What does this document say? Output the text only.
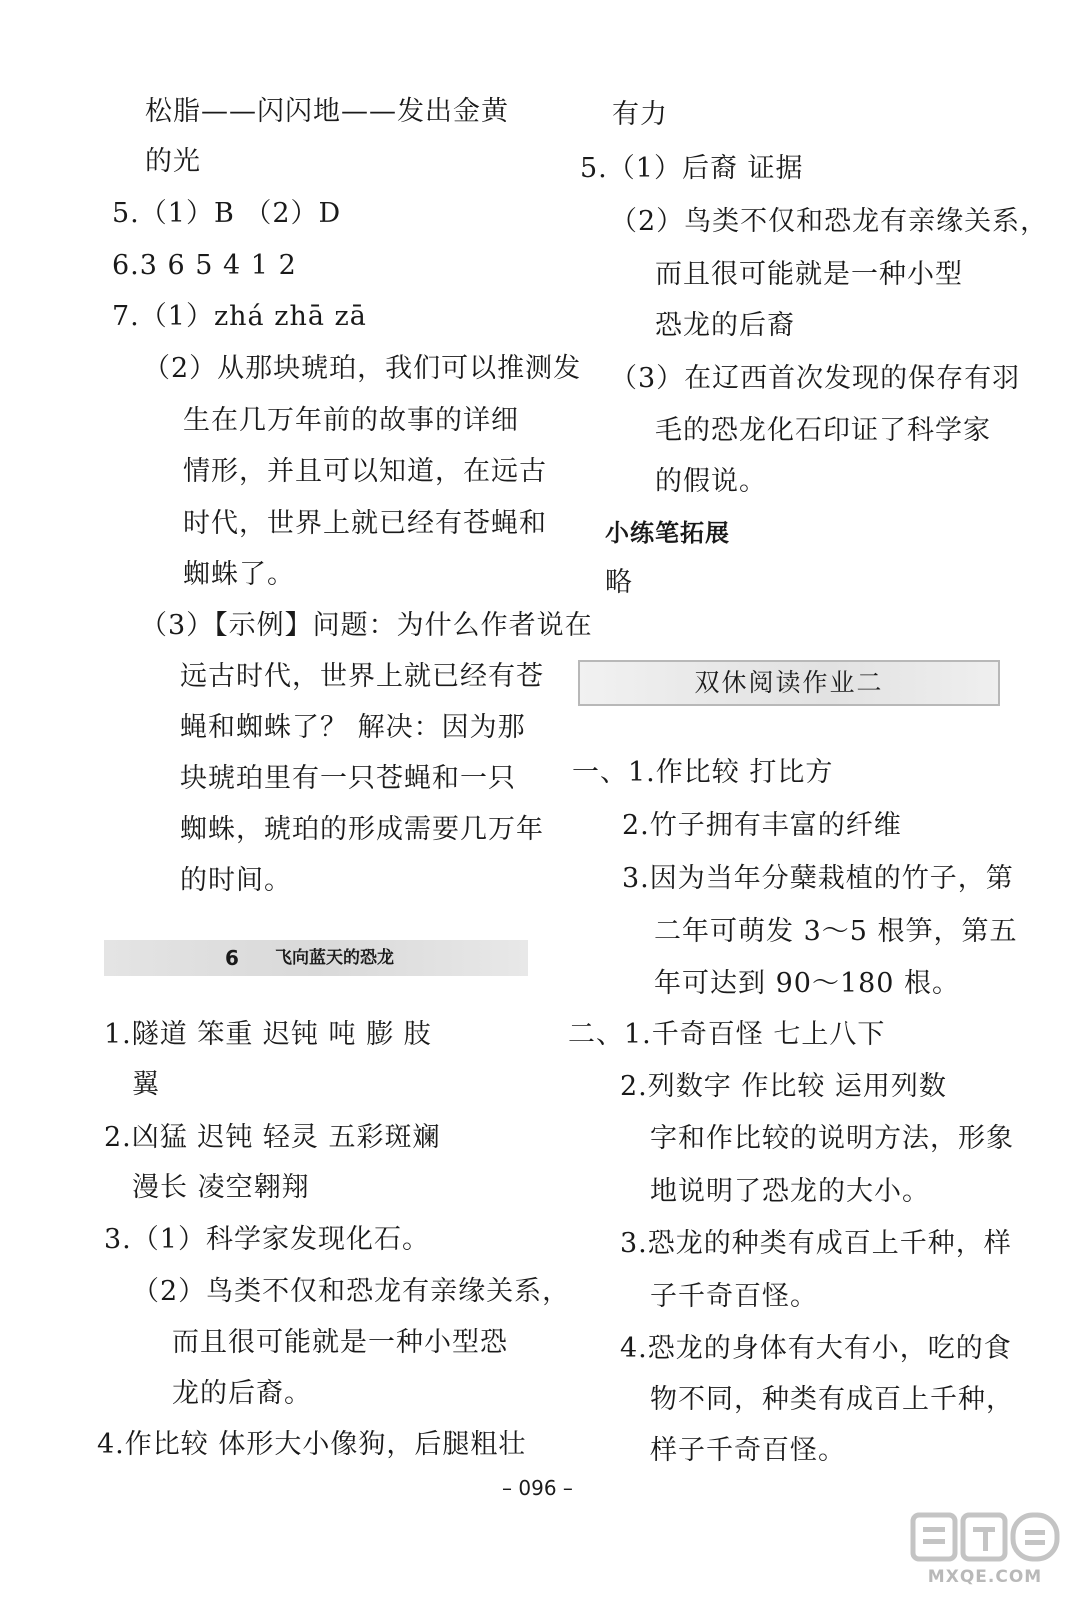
松脂——闪闪地——发出金黄
的光
5.（1）B （2）D
6.3 6 5 4 1 2
7.（1）zhá zhā zā
（2）从那块琥珀，我们可以推测发
生在几万年前的故事的详细
情形，并且可以知道，在远古
时代，世界上就已经有苍蝇和
蜘蛛了。
（3）【示例】问题：为什么作者说在
远古时代，世界上就已经有苍
蝇和蜘蛛了？ 解决：因为那
块琥珀里有一只苍蝇和一只
蜘蛛，琥珀的形成需要几万年
的时间。
6 飞向蓝天的恐龙
1.隧道 笨重 迟钝 吨 膨 肢
翼
2.凶猛 迟钝 轻灵 五彩斑斓
漫长 凌空翱翔
3.（1）科学家发现化石。
（2）鸟类不仅和恐龙有亲缘关系，
而且很可能就是一种小型恐
龙的后裔。
4.作比较 体形大小像狗，后腿粗壮
有力
5.（1）后裔 证据
（2）鸟类不仅和恐龙有亲缘关系，
而且很可能就是一种小型
恐龙的后裔
（3）在辽西首次发现的保存有羽
毛的恐龙化石印证了科学家
的假说。
小练笔拓展
略
双休阅读作业二
一、1.作比较 打比方
2.竹子拥有丰富的纤维
3.因为当年分蘖栽植的竹子，第
二年可萌发 3～5 根笋，第五
年可达到 90～180 根。
二、1.千奇百怪 七上八下
2.列数字 作比较 运用列数
字和作比较的说明方法，形象
地说明了恐龙的大小。
3.恐龙的种类有成百上千种，样
子千奇百怪。
4.恐龙的身体有大有小，吃的食
物不同，种类有成百上千种，
样子千奇百怪。
– 096 –
MXQE.COM
